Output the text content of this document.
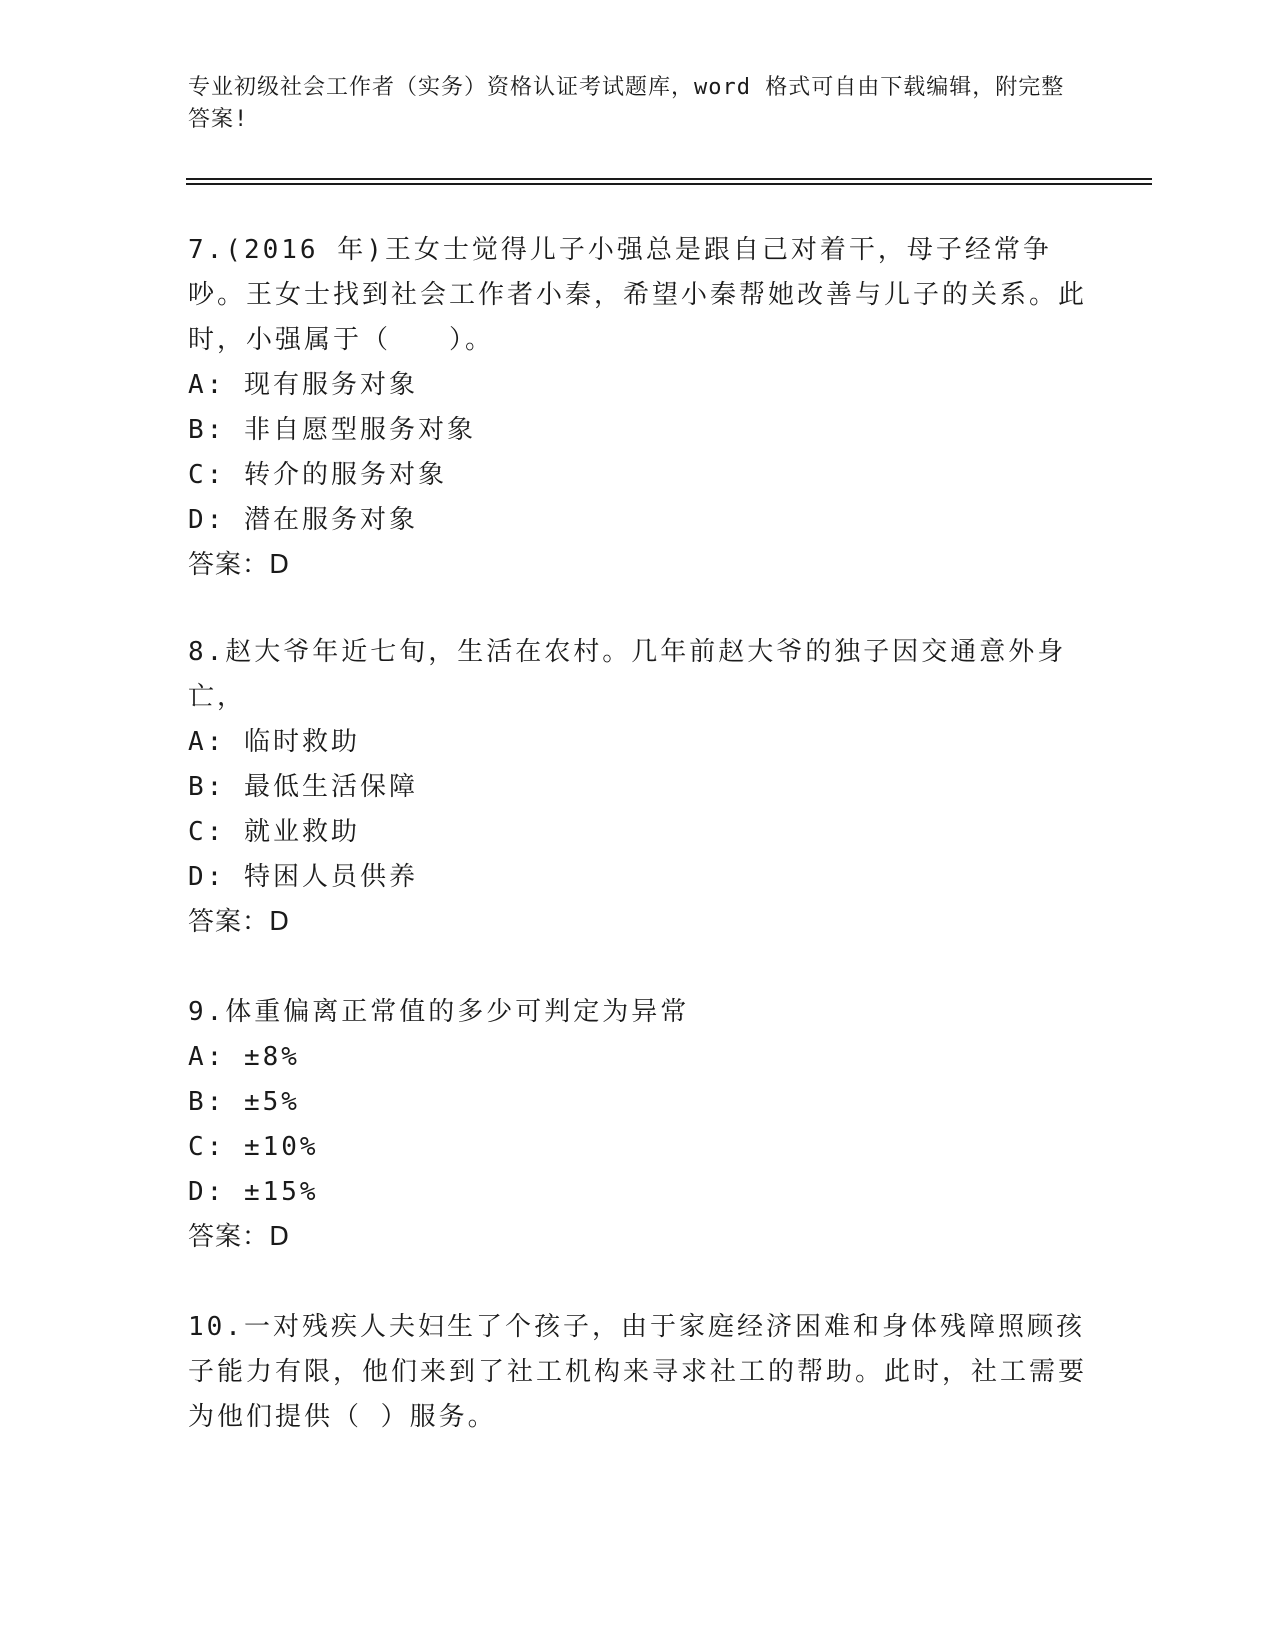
专业初级社会工作者（实务）资格认证考试题库，word 格式可自由下载编辑，附完整答案!

7.(2016 年)王女士觉得儿子小强总是跟自己对着干，母子经常争吵。王女士找到社会工作者小秦，希望小秦帮她改善与儿子的关系。此时，小强属于（　　）。

A: 现有服务对象
B: 非自愿型服务对象
C: 转介的服务对象
D: 潜在服务对象

答案：D

8.赵大爷年近七旬，生活在农村。几年前赵大爷的独子因交通意外身亡，

A: 临时救助
B: 最低生活保障
C: 就业救助
D: 特困人员供养

答案：D

9.体重偏离正常值的多少可判定为异常

A: ±8%
B: ±5%
C: ±10%
D: ±15%

答案：D

10.一对残疾人夫妇生了个孩子，由于家庭经济困难和身体残障照顾孩子能力有限，他们来到了社工机构来寻求社工的帮助。此时，社工需要为他们提供（ ）服务。
